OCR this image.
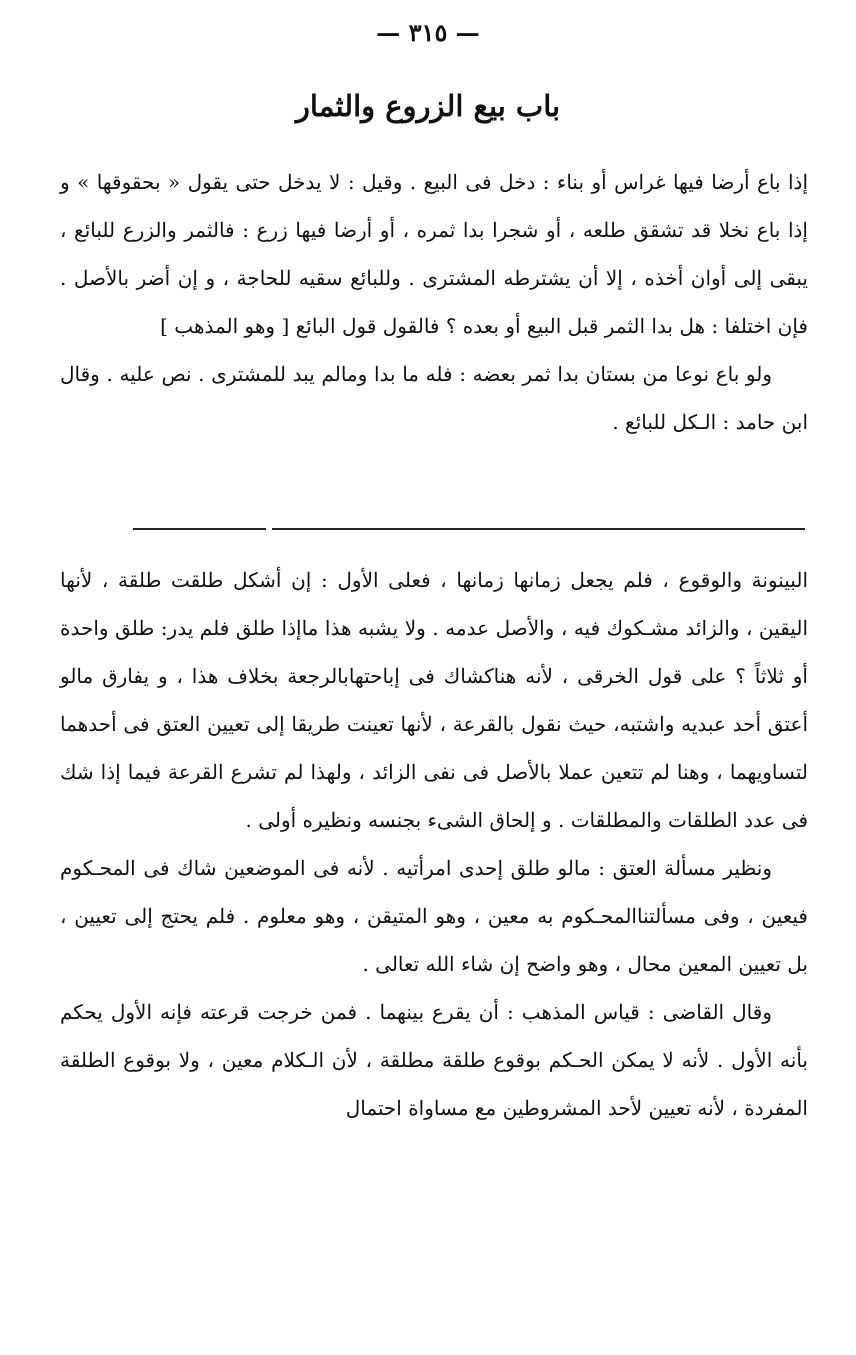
— ٣١٥ —
باب بيع الزروع والثمار

إذا باع أرضا فيها غراس أو بناء : دخل فى البيع . وقيل : لا يدخل حتى يقول « بحقوقها » و إذا باع نخلا قد تشقق طلعه ، أو شجرا بدا ثمره ، أو أرضا فيها زرع : فالثمر والزرع للبائع ، يبقى إلى أوان أخذه ، إلا أن يشترطه المشترى . وللبائع سقيه للحاجة ، و إن أضر بالأصل . فإن اختلفا : هل بدا الثمر قبل البيع أو بعده ؟ فالقول قول البائع [ وهو المذهب ]

ولو باع نوعا من بستان بدا ثمر بعضه : فله ما بدا ومالم يبد للمشترى . نص عليه . وقال ابن حامد : الـكل للبائع .

البينونة والوقوع ، فلم يجعل زمانها زمانها ، فعلى الأول : إن أشكل طلقت طلقة ، لأنها اليقين ، والزائد مشـكوك فيه ، والأصل عدمه . ولا يشبه هذا ماإذا طلق فلم يدر: طلق واحدة أو ثلاثاً ؟ على قول الخرقى ، لأنه هناكشاك فى إباحتهابالرجعة بخلاف هذا ، و يفارق مالو أعتق أحد عبديه واشتبه، حيث نقول بالقرعة ، لأنها تعينت طريقا إلى تعيين العتق فى أحدهما لتساويهما ، وهنا لم تتعين عملا بالأصل فى نفى الزائد ، ولهذا لم تشرع القرعة فيما إذا شك فى عدد الطلقات والمطلقات . و إلحاق الشىء بجنسه ونظيره أولى .

ونظير مسألة العتق : مالو طلق إحدى امرأتيه . لأنه فى الموضعين شاك فى المحـكوم فيعين ، وفى مسألتناالمحـكوم به معين ، وهو المتيقن ، وهو معلوم . فلم يحتج إلى تعيين ، بل تعيين المعين محال ، وهو واضح إن شاء الله تعالى .

وقال القاضى : قياس المذهب : أن يقرع بينهما . فمن خرجت قرعته فإنه الأول يحكم بأنه الأول . لأنه لا يمكن الحـكم بوقوع طلقة مطلقة ، لأن الـكلام معين ، ولا بوقوع الطلقة المفردة ، لأنه تعيين لأحد المشروطين مع مساواة احتمال
